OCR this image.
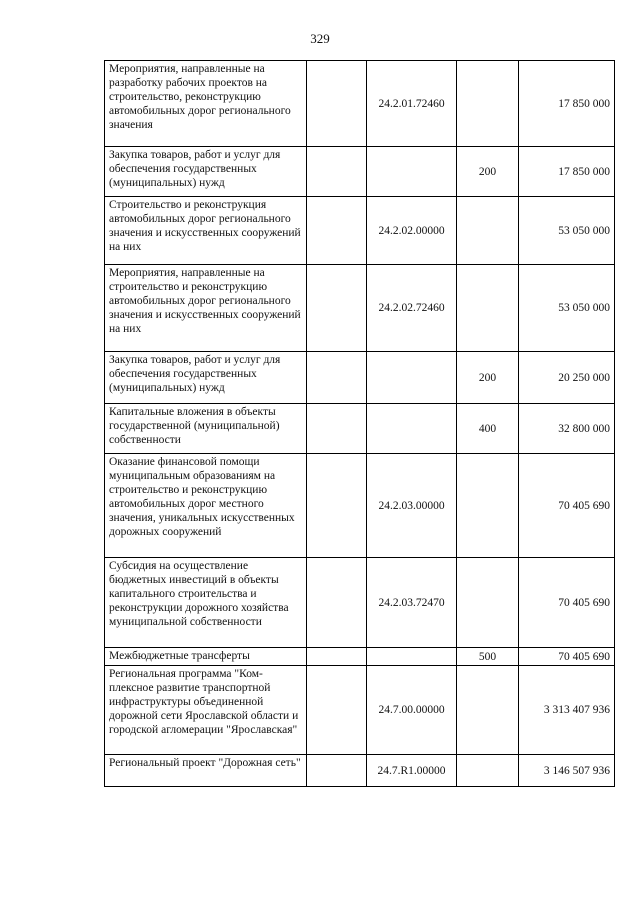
329
Мероприятия, направленные на разработку рабочих проектов на строительство, реконструкцию автомобильных дорог регионального значения		24.2.01.72460		17 850 000
Закупка товаров, работ и услуг для обеспечения государственных (муниципальных) нужд			200	17 850 000
Строительство и реконструкция автомобильных дорог регионального значения и искусственных сооружений на них		24.2.02.00000		53 050 000
Мероприятия, направленные на строительство и реконструкцию автомобильных дорог регионального значения и искусственных сооружений на них		24.2.02.72460		53 050 000
Закупка товаров, работ и услуг для обеспечения государственных (муниципальных) нужд			200	20 250 000
Капитальные вложения в объекты государственной (муниципальной) собственности			400	32 800 000
Оказание финансовой помощи муниципальным образованиям на строительство и реконструкцию автомобильных дорог местного значения, уникальных искусственных дорожных сооружений		24.2.03.00000		70 405 690
Субсидия на осуществление бюджетных инвестиций в объекты капитального строительства и реконструкции дорожного хозяйства муниципальной собственности		24.2.03.72470		70 405 690
Межбюджетные трансферты			500	70 405 690
Региональная программа "Комплексное развитие транспортной инфраструктуры объединенной дорожной сети Ярославской области и городской агломерации "Ярославская"		24.7.00.00000		3 313 407 936
Региональный проект "Дорожная сеть"		24.7.R1.00000		3 146 507 936
